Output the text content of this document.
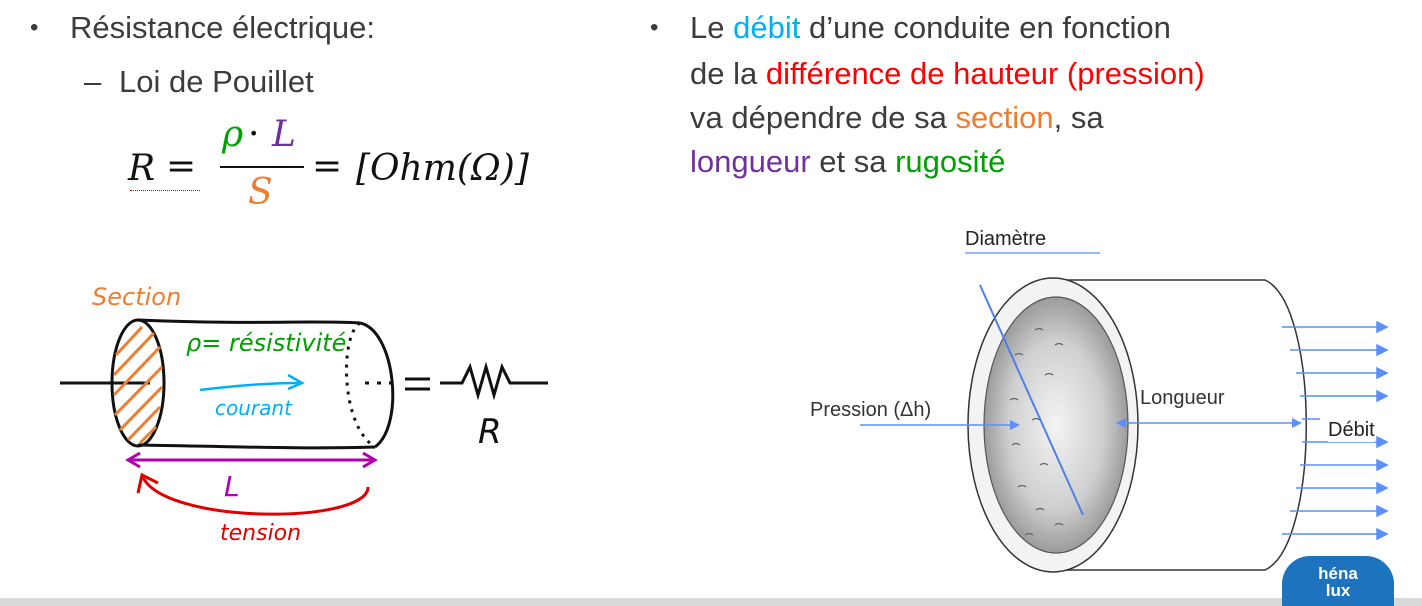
• Résistance électrique:
– Loi de Pouillet
R =
ρ · L
S
= [Ohm(Ω)]
Section
ρ= résistivité
courant
L
tension
R
• Le débit d’une conduite en fonction
de la différence de hauteur (pression)
va dépendre de sa section, sa
longueur et sa rugosité
Diamètre
Pression (Δh)
Longueur
Débit
héna
lux
